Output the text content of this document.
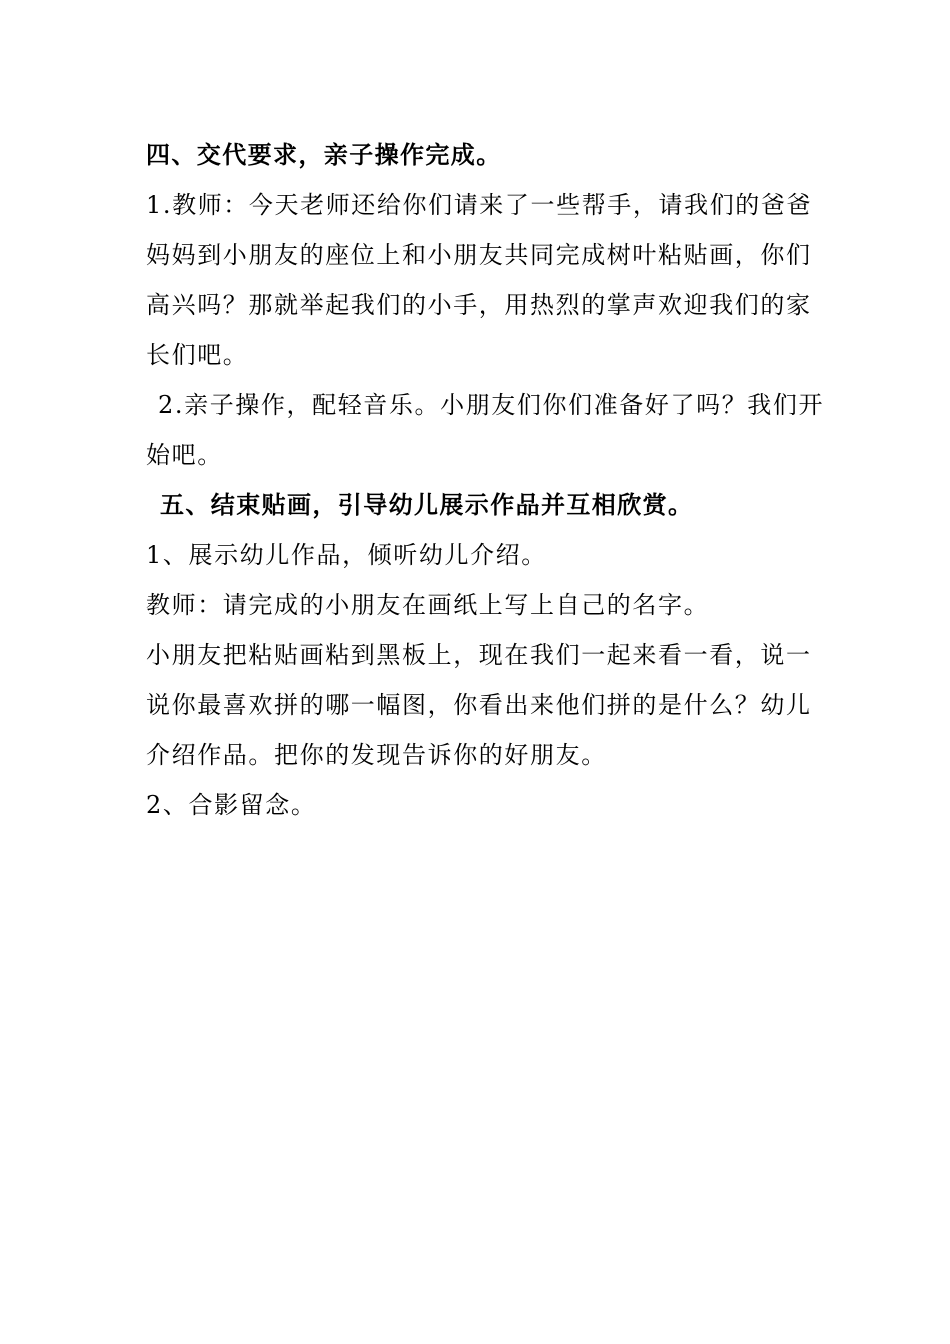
四、交代要求，亲子操作完成。
1.教师：今天老师还给你们请来了一些帮手，请我们的爸爸
妈妈到小朋友的座位上和小朋友共同完成树叶粘贴画，你们
高兴吗？那就举起我们的小手，用热烈的掌声欢迎我们的家
长们吧。
2.亲子操作，配轻音乐。小朋友们你们准备好了吗？我们开
始吧。
五、结束贴画，引导幼儿展示作品并互相欣赏。
1、展示幼儿作品，倾听幼儿介绍。
教师：请完成的小朋友在画纸上写上自己的名字。
小朋友把粘贴画粘到黑板上，现在我们一起来看一看，说一
说你最喜欢拼的哪一幅图，你看出来他们拼的是什么？幼儿
介绍作品。把你的发现告诉你的好朋友。
2、合影留念。
